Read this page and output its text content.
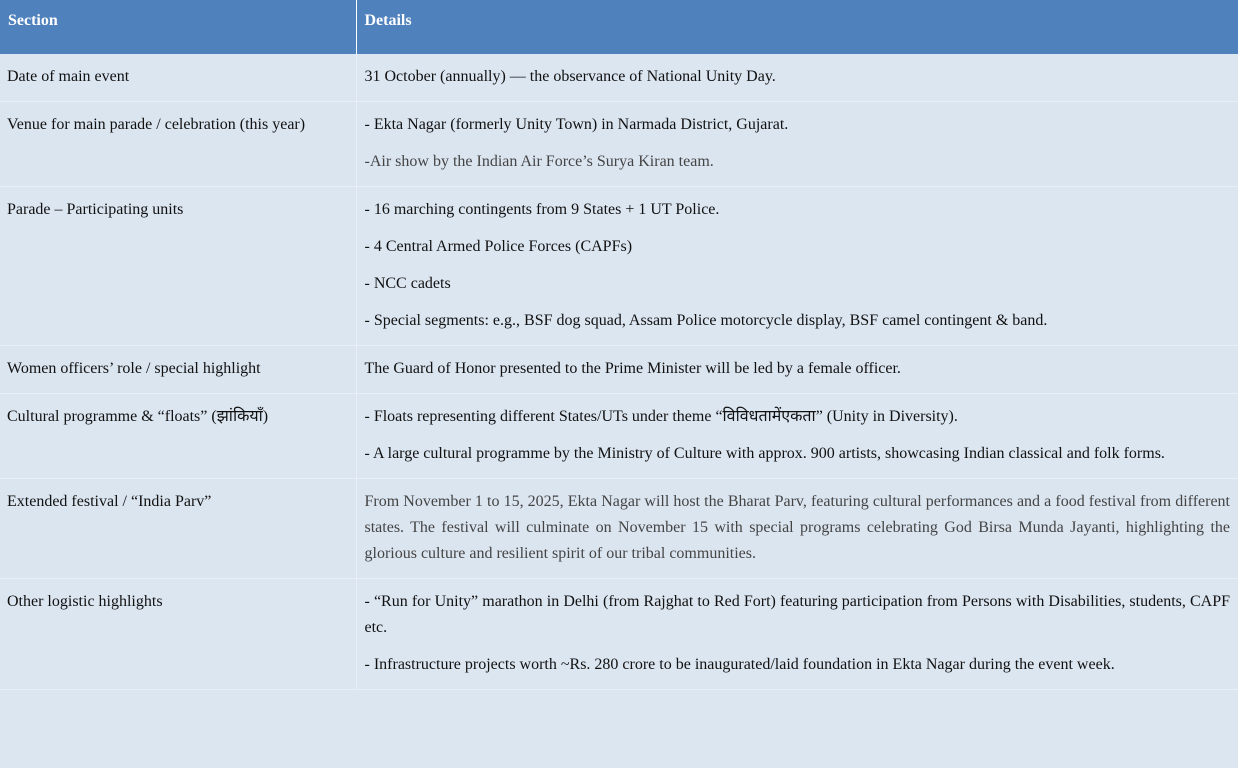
Section	Details
Date of main event	31 October (annually) — the observance of National Unity Day.

Venue for main parade / celebration (this year)	- Ekta Nagar (formerly Unity Town) in Narmada District, Gujarat.
-Air show by the Indian Air Force’s Surya Kiran team.

Parade – Participating units	- 16 marching contingents from 9 States + 1 UT Police.
- 4 Central Armed Police Forces (CAPFs)
- NCC cadets
- Special segments: e.g., BSF dog squad, Assam Police motorcycle display, BSF camel contingent & band.

Women officers’ role / special highlight	The Guard of Honor presented to the Prime Minister will be led by a female officer.

Cultural programme & “floats” (झांकियाँ)	- Floats representing different States/UTs under theme “विविधतामेंएकता” (Unity in Diversity).
- A large cultural programme by the Ministry of Culture with approx. 900 artists, showcasing Indian classical and folk forms.

Extended festival / “India Parv”	From November 1 to 15, 2025, Ekta Nagar will host the Bharat Parv, featuring cultural performances and a food festival from different states. The festival will culminate on November 15 with special programs celebrating God Birsa Munda Jayanti, highlighting the glorious culture and resilient spirit of our tribal communities.

Other logistic highlights	- “Run for Unity” marathon in Delhi (from Rajghat to Red Fort) featuring participation from Persons with Disabilities, students, CAPF etc.
- Infrastructure projects worth ~Rs. 280 crore to be inaugurated/laid foundation in Ekta Nagar during the event week.
